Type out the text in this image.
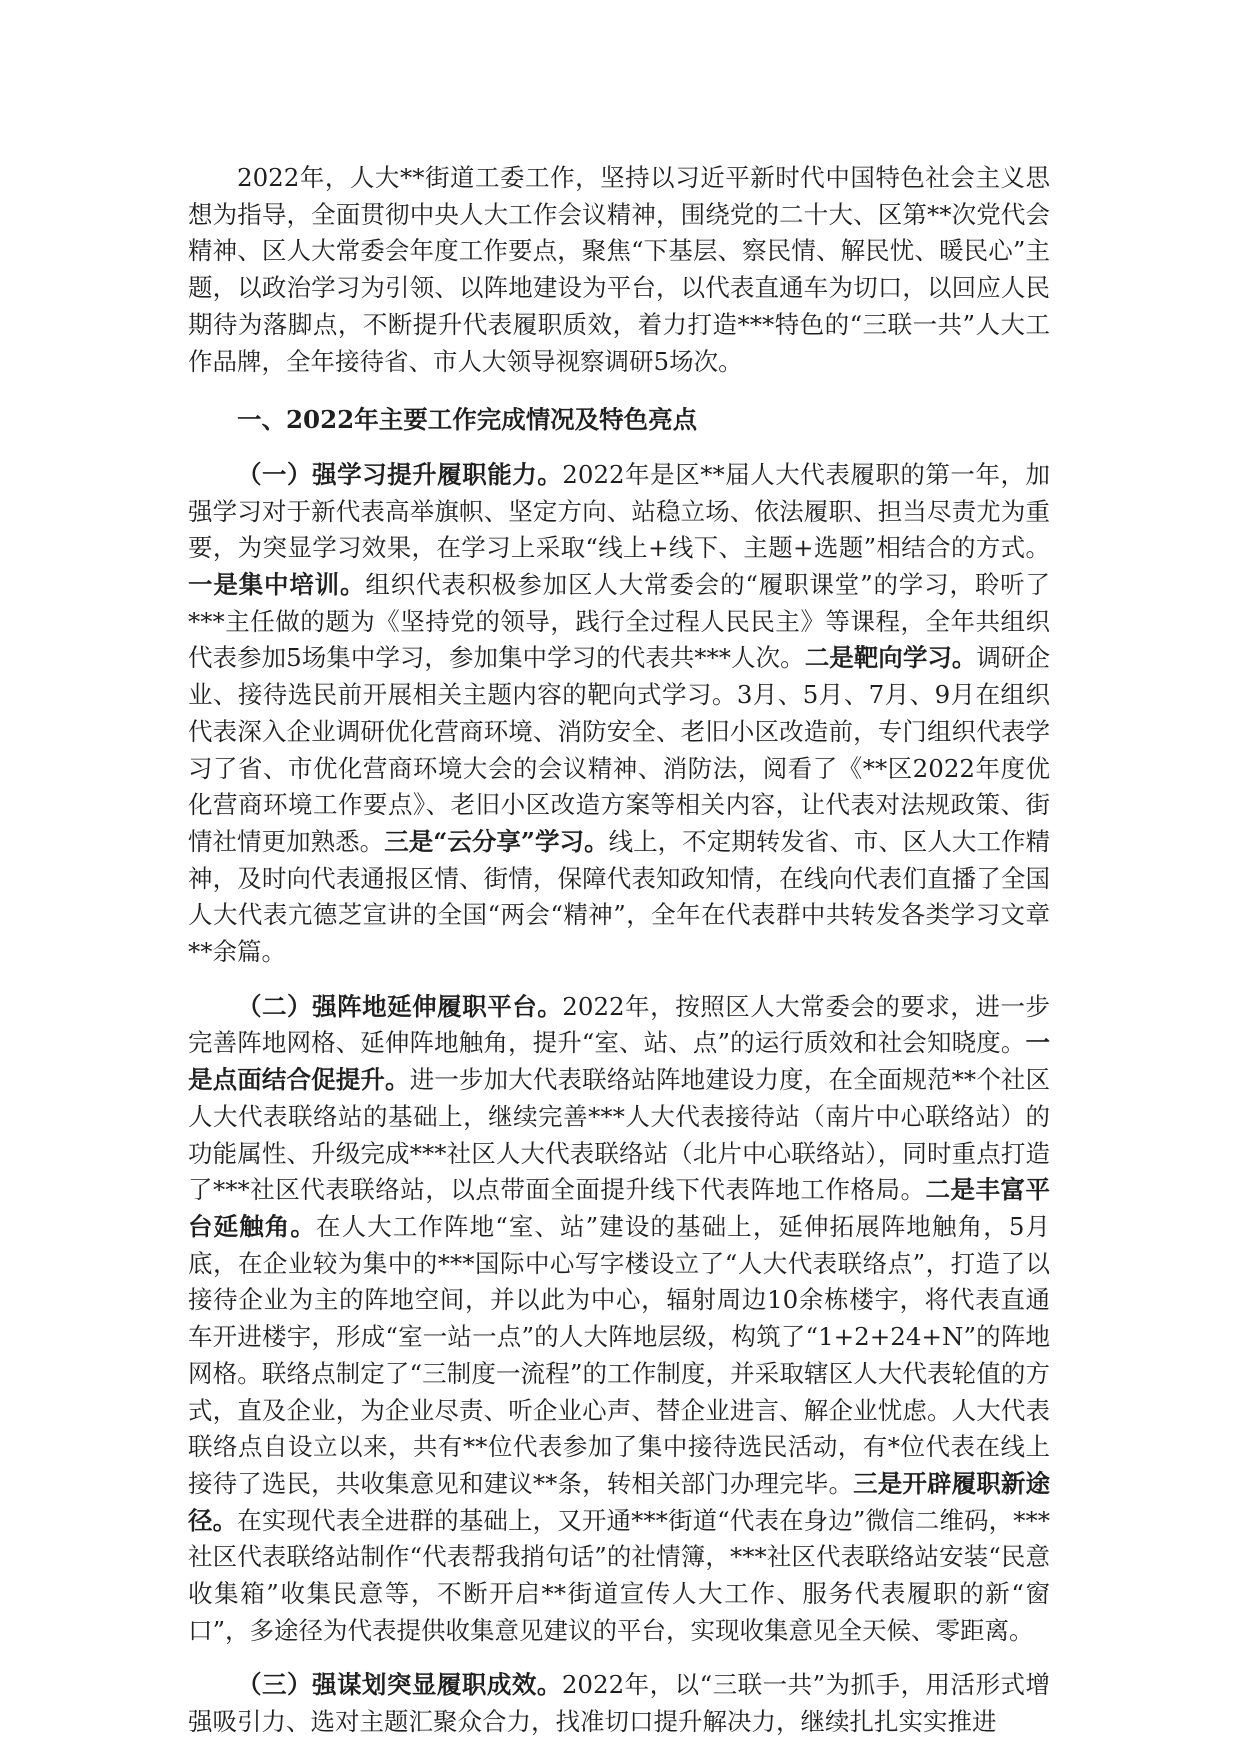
2022年，人大**街道工委工作，坚持以习近平新时代中国特色社会主义思想为指导，全面贯彻中央人大工作会议精神，围绕党的二十大、区第**次党代会精神、区人大常委会年度工作要点，聚焦“下基层、察民情、解民忧、暖民心”主题，以政治学习为引领、以阵地建设为平台，以代表直通车为切口，以回应人民期待为落脚点，不断提升代表履职质效，着力打造***特色的“三联一共”人大工作品牌，全年接待省、市人大领导视察调研5场次。

一、2022年主要工作完成情况及特色亮点

（一）强学习提升履职能力。2022年是区**届人大代表履职的第一年，加强学习对于新代表高举旗帜、坚定方向、站稳立场、依法履职、担当尽责尤为重要，为突显学习效果，在学习上采取“线上+线下、主题+选题”相结合的方式。一是集中培训。组织代表积极参加区人大常委会的“履职课堂”的学习，聆听了***主任做的题为《坚持党的领导，践行全过程人民民主》等课程，全年共组织代表参加5场集中学习，参加集中学习的代表共***人次。二是靶向学习。调研企业、接待选民前开展相关主题内容的靶向式学习。3月、5月、7月、9月在组织代表深入企业调研优化营商环境、消防安全、老旧小区改造前，专门组织代表学习了省、市优化营商环境大会的会议精神、消防法，阅看了《**区2022年度优化营商环境工作要点》、老旧小区改造方案等相关内容，让代表对法规政策、街情社情更加熟悉。三是“云分享”学习。线上，不定期转发省、市、区人大工作精神，及时向代表通报区情、街情，保障代表知政知情，在线向代表们直播了全国人大代表亢德芝宣讲的全国“两会“精神”，全年在代表群中共转发各类学习文章**余篇。

（二）强阵地延伸履职平台。2022年，按照区人大常委会的要求，进一步完善阵地网格、延伸阵地触角，提升“室、站、点”的运行质效和社会知晓度。一是点面结合促提升。进一步加大代表联络站阵地建设力度，在全面规范**个社区人大代表联络站的基础上，继续完善***人大代表接待站（南片中心联络站）的功能属性、升级完成***社区人大代表联络站（北片中心联络站），同时重点打造了***社区代表联络站，以点带面全面提升线下代表阵地工作格局。二是丰富平台延触角。在人大工作阵地“室、站”建设的基础上，延伸拓展阵地触角，5月底，在企业较为集中的***国际中心写字楼设立了“人大代表联络点”，打造了以接待企业为主的阵地空间，并以此为中心，辐射周边10余栋楼宇，将代表直通车开进楼宇，形成“室一站一点”的人大阵地层级，构筑了“1+2+24+N”的阵地网格。联络点制定了“三制度一流程”的工作制度，并采取辖区人大代表轮值的方式，直及企业，为企业尽责、听企业心声、替企业进言、解企业忧虑。人大代表联络点自设立以来，共有**位代表参加了集中接待选民活动，有*位代表在线上接待了选民，共收集意见和建议**条，转相关部门办理完毕。三是开辟履职新途径。在实现代表全进群的基础上，又开通***街道“代表在身边”微信二维码，***社区代表联络站制作“代表帮我捎句话”的社情簿，***社区代表联络站安装“民意收集箱”收集民意等，不断开启**街道宣传人大工作、服务代表履职的新“窗口”，多途径为代表提供收集意见建议的平台，实现收集意见全天候、零距离。

（三）强谋划突显履职成效。2022年，以“三联一共”为抓手，用活形式增强吸引力、选对主题汇聚众合力，找准切口提升解决力，继续扎扎实实推进
